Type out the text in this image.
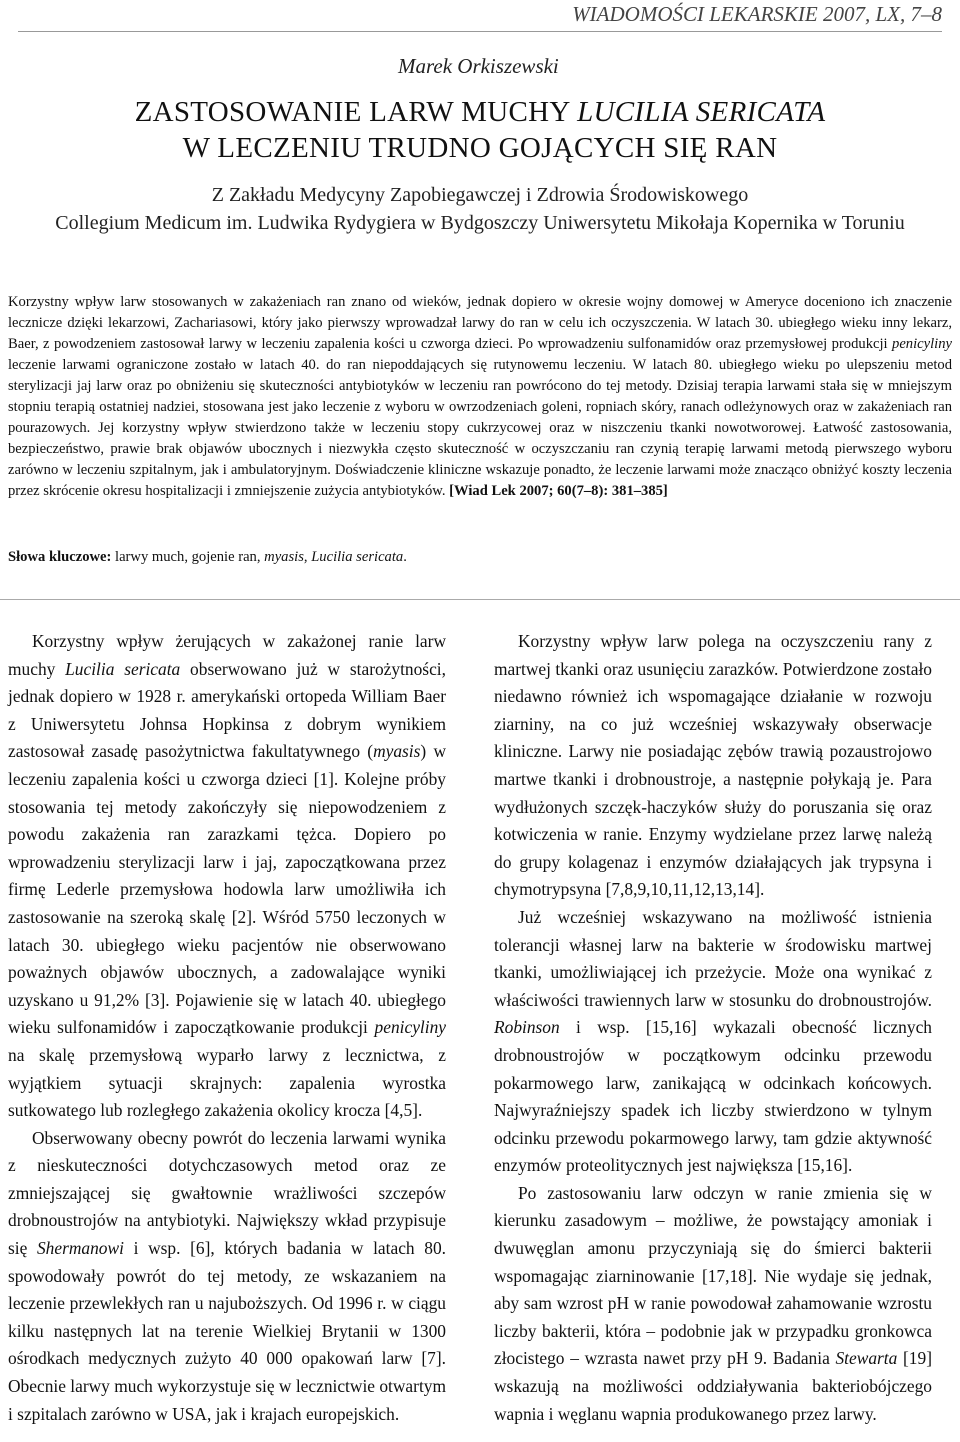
WIADOMOŚCI LEKARSKIE 2007, LX, 7–8
Marek Orkiszewski
ZASTOSOWANIE LARW MUCHY LUCILIA SERICATA
W LECZENIU TRUDNO GOJĄCYCH SIĘ RAN
Z Zakładu Medycyny Zapobiegawczej i Zdrowia Środowiskowego
Collegium Medicum im. Ludwika Rydygiera w Bydgoszczy Uniwersytetu Mikołaja Kopernika w Toruniu

Korzystny wpływ larw stosowanych w zakażeniach ran znano od wieków, jednak dopiero w okresie wojny domowej w Ameryce doceniono ich znaczenie lecznicze dzięki lekarzowi, Zachariasowi, który jako pierwszy wprowadzał larwy do ran w celu ich oczyszczenia. W latach 30. ubiegłego wieku inny lekarz, Baer, z powodzeniem zastosował larwy w leczeniu zapalenia kości u czworga dzieci. Po wprowadzeniu sulfonamidów oraz przemysłowej produkcji penicyliny leczenie larwami ograniczone zostało w latach 40. do ran niepoddających się rutynowemu leczeniu. W latach 80. ubiegłego wieku po ulepszeniu metod sterylizacji jaj larw oraz po obniżeniu się skuteczności antybiotyków w leczeniu ran powrócono do tej metody. Dzisiaj terapia larwami stała się w mniejszym stopniu terapią ostatniej nadziei, stosowana jest jako leczenie z wyboru w owrzodzeniach goleni, ropniach skóry, ranach odleżynowych oraz w zakażeniach ran pourazowych. Jej korzystny wpływ stwierdzono także w leczeniu stopy cukrzycowej oraz w niszczeniu tkanki nowotworowej. Łatwość zastosowania, bezpieczeństwo, prawie brak objawów ubocznych i niezwykła często skuteczność w oczyszczaniu ran czynią terapię larwami metodą pierwszego wyboru zarówno w leczeniu szpitalnym, jak i ambulatoryjnym. Doświadczenie kliniczne wskazuje ponadto, że leczenie larwami może znacząco obniżyć koszty leczenia przez skrócenie okresu hospitalizacji i zmniejszenie zużycia antybiotyków. [Wiad Lek 2007; 60(7–8): 381–385]

Słowa kluczowe: larwy much, gojenie ran, myasis, Lucilia sericata.

Korzystny wpływ żerujących w zakażonej ranie larw muchy Lucilia sericata obserwowano już w starożytności, jednak dopiero w 1928 r. amerykański ortopeda William Baer z Uniwersytetu Johnsa Hopkinsa z dobrym wynikiem zastosował zasadę pasożytnictwa fakultatywnego (myasis) w leczeniu zapalenia kości u czworga dzieci [1]. Kolejne próby stosowania tej metody zakończyły się niepowodzeniem z powodu zakażenia ran zarazkami tężca. Dopiero po wprowadzeniu sterylizacji larw i jaj, zapoczątkowana przez firmę Lederle przemysłowa hodowla larw umożliwiła ich zastosowanie na szeroką skalę [2]. Wśród 5750 leczonych w latach 30. ubiegłego wieku pacjentów nie obserwowano poważnych objawów ubocznych, a zadowalające wyniki uzyskano u 91,2% [3]. Pojawienie się w latach 40. ubiegłego wieku sulfonamidów i zapoczątkowanie produkcji penicyliny na skalę przemysłową wyparło larwy z lecznictwa, z wyjątkiem sytuacji skrajnych: zapalenia wyrostka sutkowatego lub rozległego zakażenia okolicy krocza [4,5].

Obserwowany obecny powrót do leczenia larwami wynika z nieskuteczności dotychczasowych metod oraz ze zmniejszającej się gwałtownie wrażliwości szczepów drobnoustrojów na antybiotyki. Największy wkład przypisuje się Shermanowi i wsp. [6], których badania w latach 80. spowodowały powrót do tej metody, ze wskazaniem na leczenie przewlekłych ran u najuboższych. Od 1996 r. w ciągu kilku następnych lat na terenie Wielkiej Brytanii w 1300 ośrodkach medycznych zużyto 40 000 opakowań larw [7]. Obecnie larwy much wykorzystuje się w lecznictwie otwartym i szpitalach zarówno w USA, jak i krajach europejskich.

Korzystny wpływ larw polega na oczyszczeniu rany z martwej tkanki oraz usunięciu zarazków. Potwierdzone zostało niedawno również ich wspomagające działanie w rozwoju ziarniny, na co już wcześniej wskazywały obserwacje kliniczne. Larwy nie posiadając zębów trawią pozaustrojowo martwe tkanki i drobnoustroje, a następnie połykają je. Para wydłużonych szczęk-haczyków służy do poruszania się oraz kotwiczenia w ranie. Enzymy wydzielane przez larwę należą do grupy kolagenaz i enzymów działających jak trypsyna i chymotrypsyna [7,8,9,10,11,12,13,14].

Już wcześniej wskazywano na możliwość istnienia tolerancji własnej larw na bakterie w środowisku martwej tkanki, umożliwiającej ich przeżycie. Może ona wynikać z właściwości trawiennych larw w stosunku do drobnoustrojów. Robinson i wsp. [15,16] wykazali obecność licznych drobnoustrojów w początkowym odcinku przewodu pokarmowego larw, zanikającą w odcinkach końcowych. Najwyraźniejszy spadek ich liczby stwierdzono w tylnym odcinku przewodu pokarmowego larwy, tam gdzie aktywność enzymów proteolitycznych jest największa [15,16].

Po zastosowaniu larw odczyn w ranie zmienia się w kierunku zasadowym – możliwe, że powstający amoniak i dwuwęglan amonu przyczyniają się do śmierci bakterii wspomagając ziarninowanie [17,18]. Nie wydaje się jednak, aby sam wzrost pH w ranie powodował zahamowanie wzrostu liczby bakterii, która – podobnie jak w przypadku gronkowca złocistego – wzrasta nawet przy pH 9. Badania Stewarta [19] wskazują na możliwości oddziaływania bakteriobójczego wapnia i węglanu wapnia produkowanego przez larwy.
